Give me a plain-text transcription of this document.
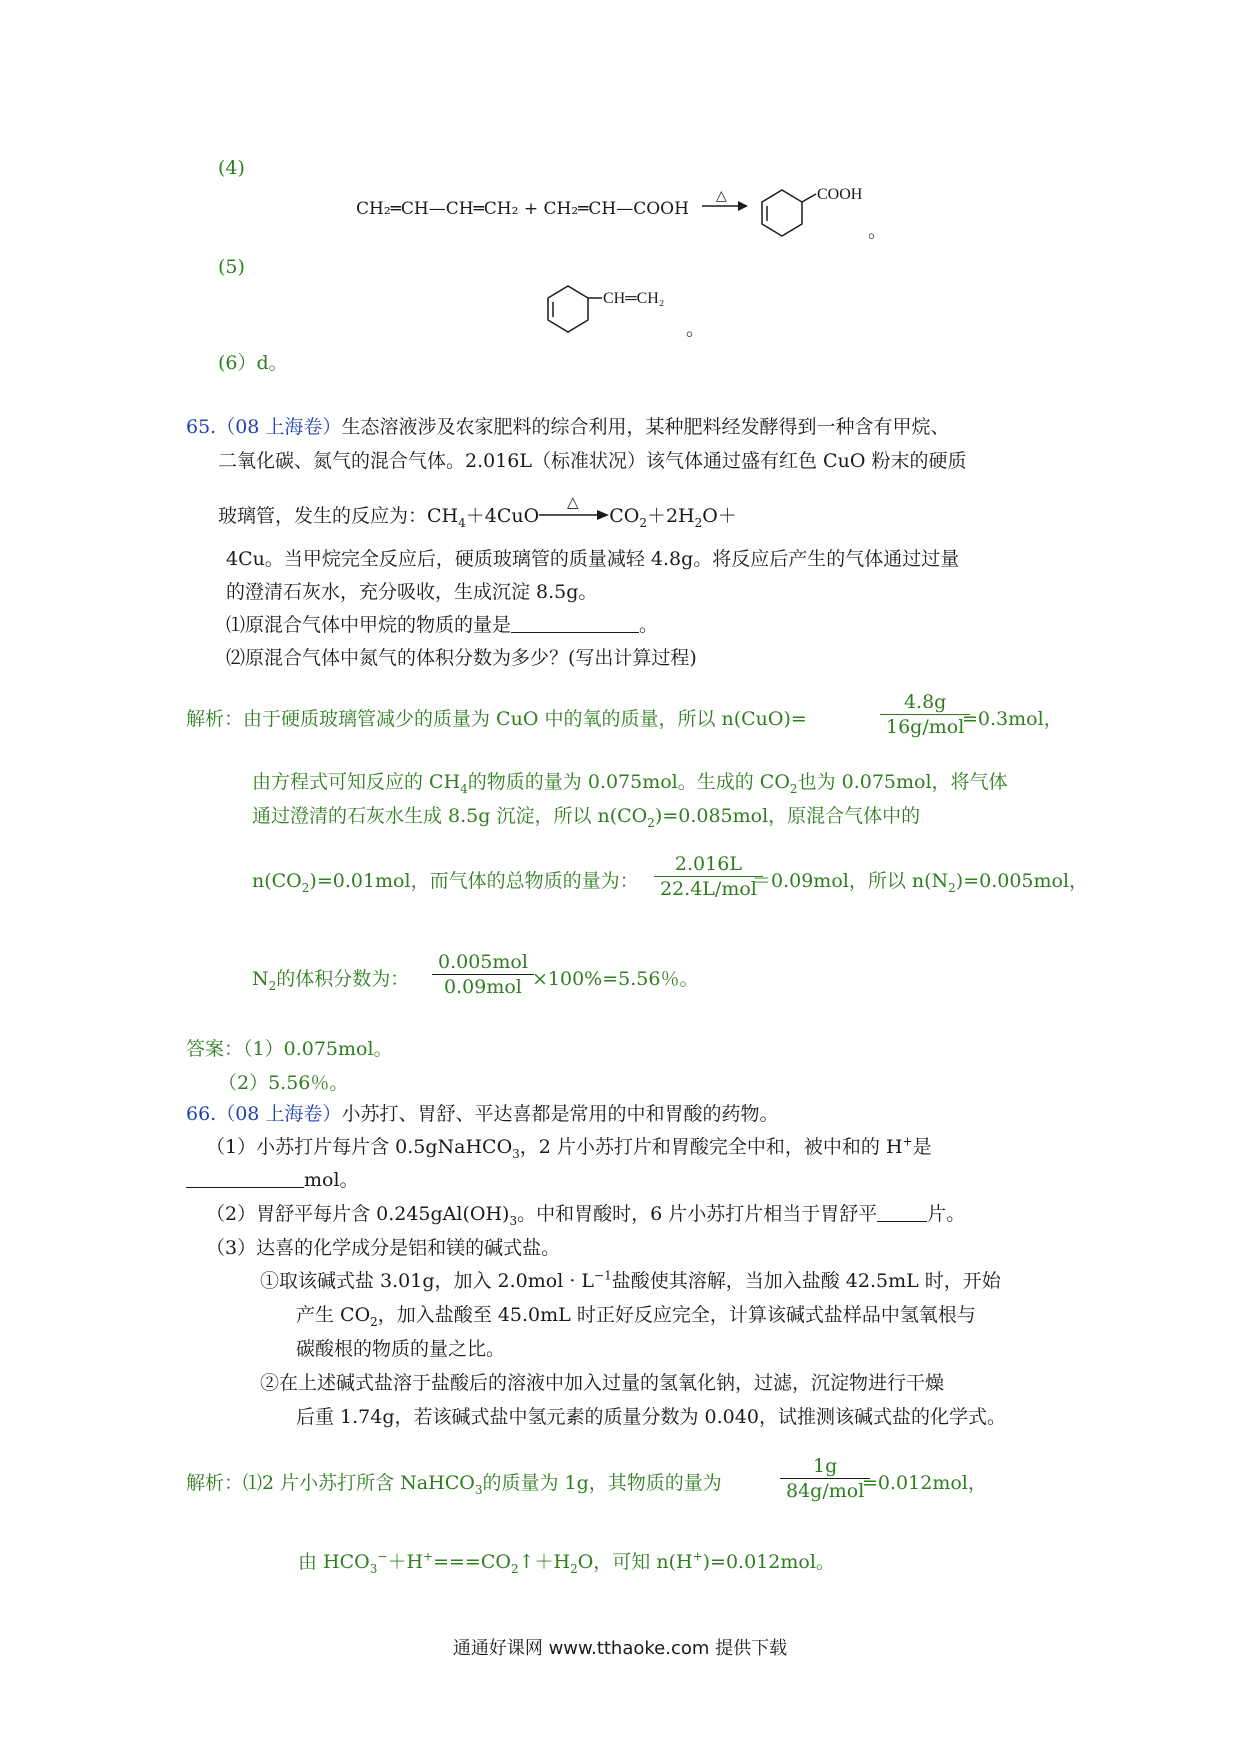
(4)
CH₂═CH—CH═CH₂ + CH₂═CH—COOH
△	COOH
。
(5)
CH═CH₂
。
(6）d。
65.（08 上海卷）生态溶液涉及农家肥料的综合利用，某种肥料经发酵得到一种含有甲烷、
二氧化碳、氮气的混合气体。2.016L（标准状况）该气体通过盛有红色 CuO 粉末的硬质
玻璃管，发生的反应为：$CH_4+4CuO$
△
$CO_2+2H_2O+$
4Cu。当甲烷完全反应后，硬质玻璃管的质量减轻 4.8g。将反应后产生的气体通过过量
的澄清石灰水，充分吸收，生成沉淀 8.5g。
⑴原混合气体中甲烷的物质的量是	。
⑵原混合气体中氮气的体积分数为多少？(写出计算过程)
解析：由于硬质玻璃管减少的质量为 CuO 中的氧的质量，所以 n(CuO)=
4.8g
16g/mol
=0.3mol，
由方程式可知反应的 $CH_4$的物质的量为 0.075mol。生成的 $CO_2$也为 0.075mol，将气体
通过澄清的石灰水生成 8.5g 沉淀，所以 $n(CO_2)=0.085mol$，原混合气体中的
$n(CO_2)=0.01mol$，而气体的总物质的量为：
2.016L
22.4L/mol
＝0.09mol，所以 $n(N_2)=0.005mol$，
$N_2$的体积分数为：
0.005mol
0.09mol ×100%=5.56％。
答案：（1）0.075mol。
（2）5.56％。
66.（08 上海卷）小苏打、胃舒、平达喜都是常用的中和胃酸的药物。
（1）小苏打片每片含 0.5gNaHCO$_3$，2 片小苏打片和胃酸完全中和，被中和的 H+是
mol。
（2）胃舒平每片含 $0.245gAl(OH)_3$。中和胃酸时，6 片小苏打片相当于胃舒平	片。
（3）达喜的化学成分是铝和镁的碱式盐。
①取该碱式盐 3.01g，加入 $2.0mol \cdot L^{-1}$盐酸使其溶解，当加入盐酸 42.5mL 时，开始
产生 $CO_2$，加入盐酸至 45.0mL 时正好反应完全，计算该碱式盐样品中氢氧根与
碳酸根的物质的量之比。
②在上述碱式盐溶于盐酸后的溶液中加入过量的氢氧化钠，过滤，沉淀物进行干燥
后重 1.74g，若该碱式盐中氢元素的质量分数为 0.040，试推测该碱式盐的化学式。
解析：⑴2 片小苏打所含 NaHCO$_3$的质量为 1g，其物质的量为
1g
84g/mol
=0.012mol，
由 $HCO_3^-+H^+===CO_2↑+H_2O$，可知 n(H+)=0.012mol。
通通好课网 www.tthaoke.com 提供下载
